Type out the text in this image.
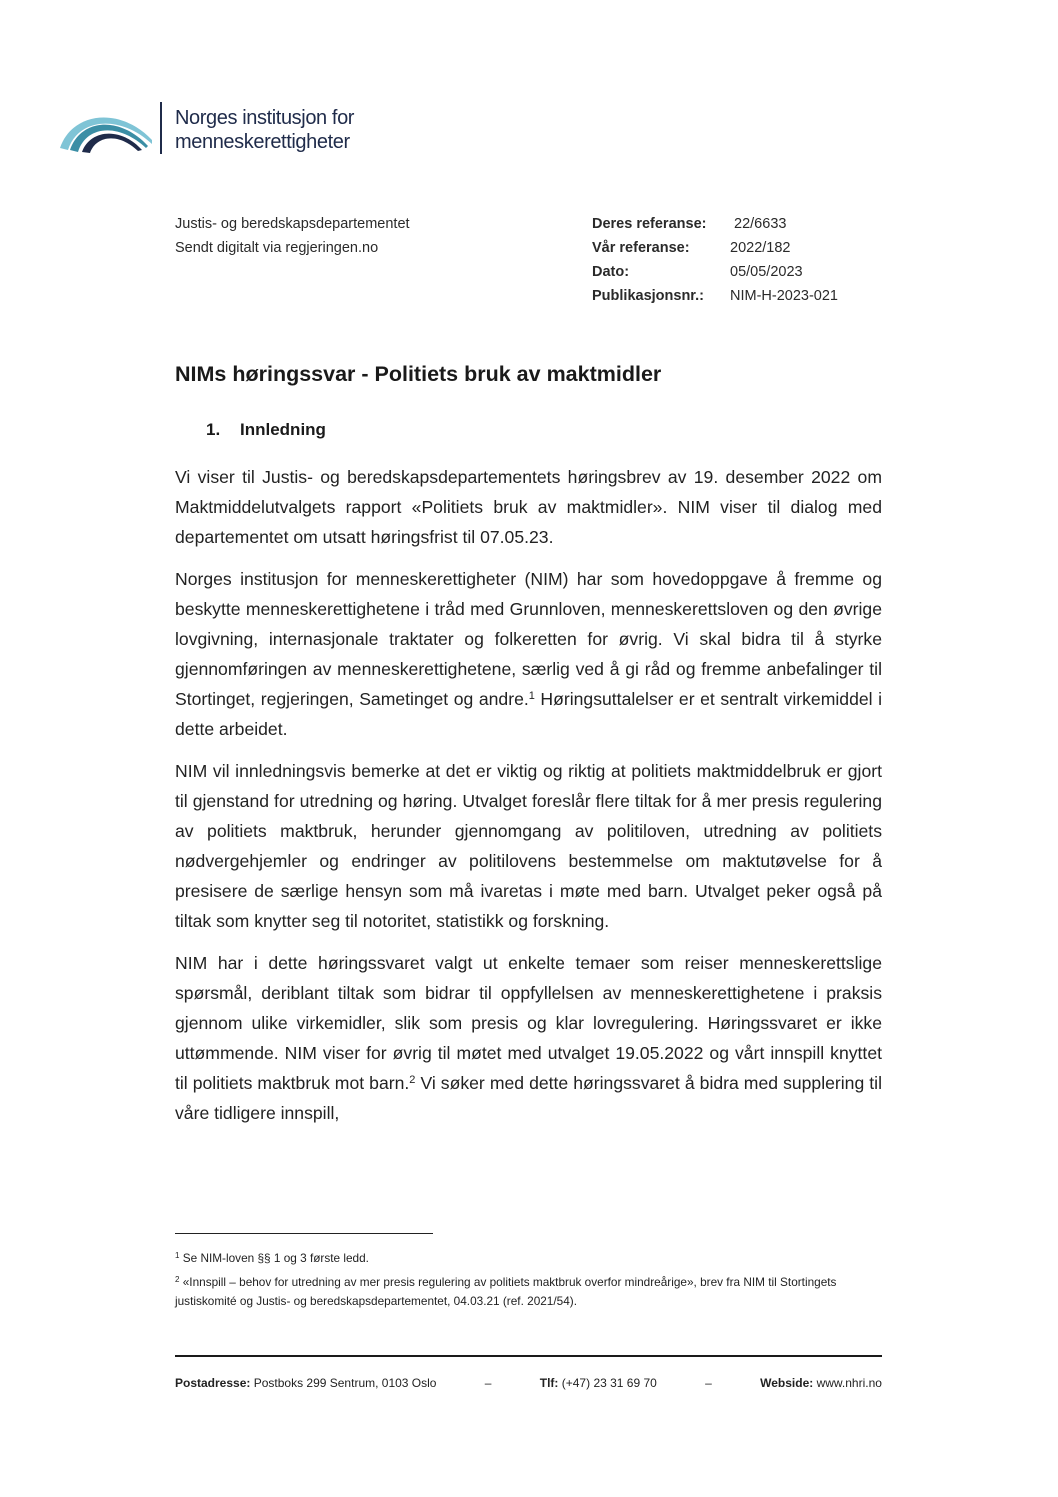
Norges institusjon for
menneskerettigheter
Justis- og beredskapsdepartementet
Sendt digitalt via regjeringen.no
Deres referanse:	22/6633
Vår referanse:	2022/182
Dato:	05/05/2023
Publikasjonsnr.:	NIM-H-2023-021
NIMs høringssvar - Politiets bruk av maktmidler
1. Innledning

Vi viser til Justis- og beredskapsdepartementets høringsbrev av 19. desember 2022 om Maktmiddelutvalgets rapport «Politiets bruk av maktmidler». NIM viser til dialog med departementet om utsatt høringsfrist til 07.05.23.

Norges institusjon for menneskerettigheter (NIM) har som hovedoppgave å fremme og beskytte menneskerettighetene i tråd med Grunnloven, menneskerettsloven og den øvrige lovgivning, internasjonale traktater og folkeretten for øvrig. Vi skal bidra til å styrke gjennomføringen av menneskerettighetene, særlig ved å gi råd og fremme anbefalinger til Stortinget, regjeringen, Sametinget og andre.$^1$ Høringsuttalelser er et sentralt virkemiddel i dette arbeidet.

NIM vil innledningsvis bemerke at det er viktig og riktig at politiets maktmiddelbruk er gjort til gjenstand for utredning og høring. Utvalget foreslår flere tiltak for å mer presis regulering av politiets maktbruk, herunder gjennomgang av politiloven, utredning av politiets nødvergehjemler og endringer av politilovens bestemmelse om maktutøvelse for å presisere de særlige hensyn som må ivaretas i møte med barn. Utvalget peker også på tiltak som knytter seg til notoritet, statistikk og forskning.

NIM har i dette høringssvaret valgt ut enkelte temaer som reiser menneskerettslige spørsmål, deriblant tiltak som bidrar til oppfyllelsen av menneskerettighetene i praksis gjennom ulike virkemidler, slik som presis og klar lovregulering. Høringssvaret er ikke uttømmende. NIM viser for øvrig til møtet med utvalget 19.05.2022 og vårt innspill knyttet til politiets maktbruk mot barn.$^2$ Vi søker med dette høringssvaret å bidra med supplering til våre tidligere innspill,

$^1$ Se NIM-loven §§ 1 og 3 første ledd.

$^2$ «Innspill – behov for utredning av mer presis regulering av politiets maktbruk overfor mindreårige», brev fra NIM til Stortingets justiskomité og Justis- og beredskapsdepartementet, 04.03.21 (ref. 2021/54).

Postadresse: Postboks 299 Sentrum, 0103 Oslo	–	Tlf: (+47) 23 31 69 70	–	Webside: www.nhri.no
